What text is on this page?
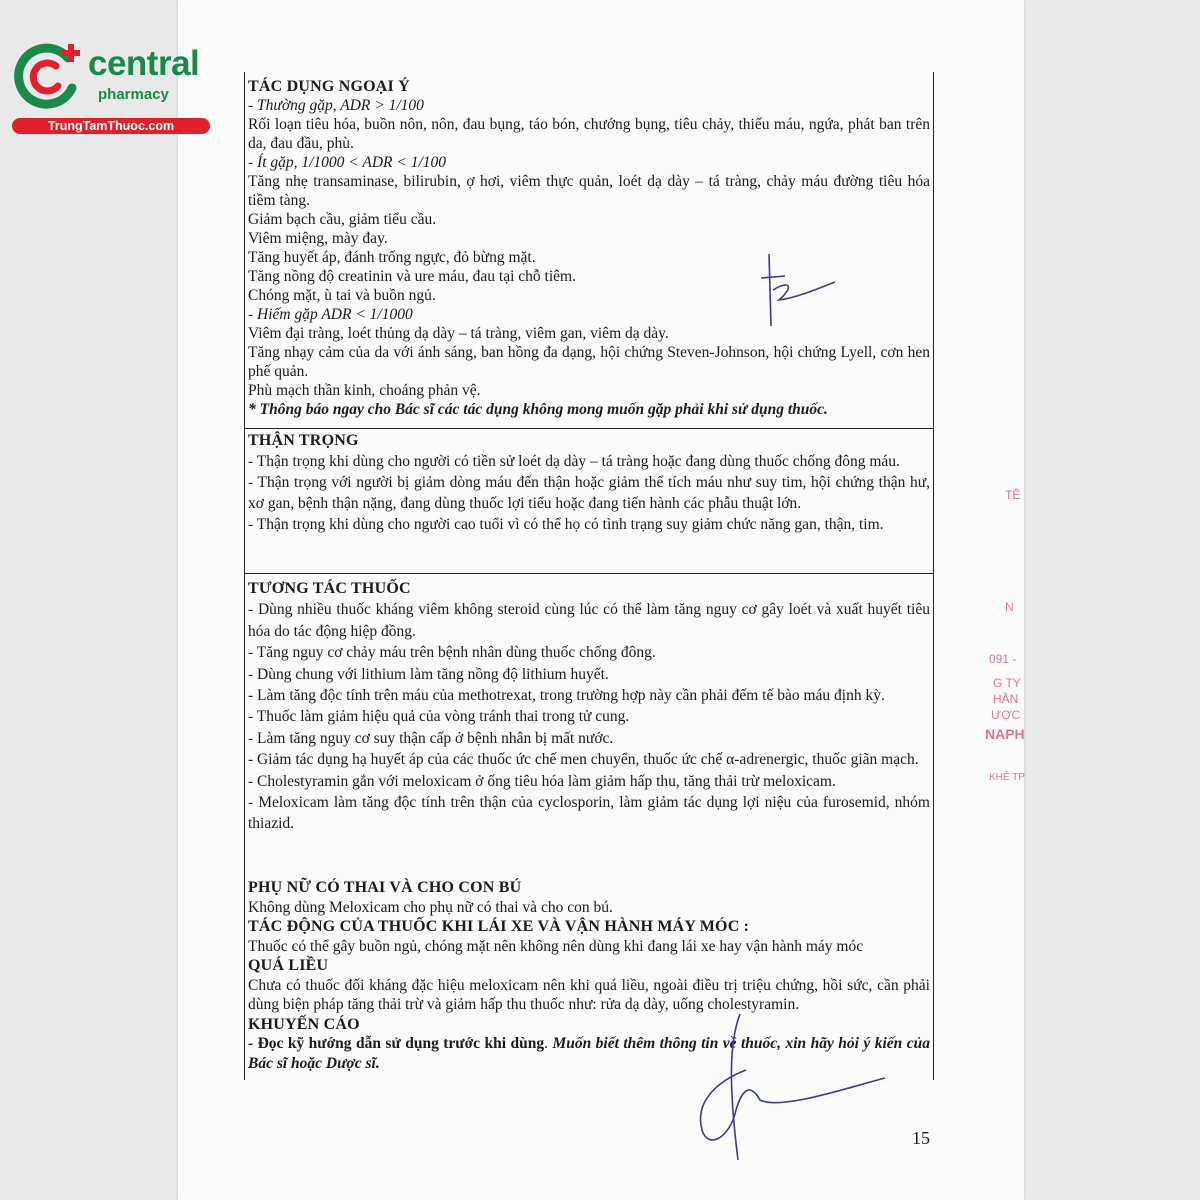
central
pharmacy
TrungTamThuoc.com

TÁC DỤNG NGOẠI Ý

- Thường gặp, ADR > 1/100

Rối loạn tiêu hóa, buồn nôn, nôn, đau bụng, táo bón, chướng bụng, tiêu chảy, thiếu máu, ngứa, phát ban trên da, đau đầu, phù.

- Ít gặp, 1/1000 < ADR < 1/100

Tăng nhẹ transaminase, bilirubin, ợ hơi, viêm thực quản, loét dạ dày – tá tràng, chảy máu đường tiêu hóa tiềm tàng.

Giảm bạch cầu, giảm tiểu cầu.

Viêm miệng, mày đay.

Tăng huyết áp, đánh trống ngực, đỏ bừng mặt.

Tăng nồng độ creatinin và ure máu, đau tại chỗ tiêm.

Chóng mặt, ù tai và buồn ngủ.

- Hiếm gặp ADR < 1/1000

Viêm đại tràng, loét thủng dạ dày – tá tràng, viêm gan, viêm dạ dày.

Tăng nhạy cảm của da với ánh sáng, ban hồng đa dạng, hội chứng Steven-Johnson, hội chứng Lyell, cơn hen phế quản.

Phù mạch thần kinh, choáng phản vệ.

* Thông báo ngay cho Bác sĩ các tác dụng không mong muốn gặp phải khi sử dụng thuốc.

THẬN TRỌNG

- Thận trọng khi dùng cho người có tiền sử loét dạ dày – tá tràng hoặc đang dùng thuốc chống đông máu.

- Thận trọng với người bị giảm dòng máu đến thận hoặc giảm thể tích máu như suy tim, hội chứng thận hư, xơ gan, bệnh thận nặng, đang dùng thuốc lợi tiểu hoặc đang tiến hành các phẫu thuật lớn.

- Thận trọng khi dùng cho người cao tuổi vì có thể họ có tình trạng suy giảm chức năng gan, thận, tim.

TƯƠNG TÁC THUỐC

- Dùng nhiều thuốc kháng viêm không steroid cùng lúc có thể làm tăng nguy cơ gây loét và xuất huyết tiêu hóa do tác động hiệp đồng.

- Tăng nguy cơ chảy máu trên bệnh nhân dùng thuốc chống đông.

- Dùng chung với lithium làm tăng nồng độ lithium huyết.

- Làm tăng độc tính trên máu của methotrexat, trong trường hợp này cần phải đếm tế bào máu định kỳ.

- Thuốc làm giảm hiệu quả của vòng tránh thai trong tử cung.

- Làm tăng nguy cơ suy thận cấp ở bệnh nhân bị mất nước.

- Giảm tác dụng hạ huyết áp của các thuốc ức chế men chuyển, thuốc ức chế α-adrenergic, thuốc giãn mạch.

- Cholestyramin gắn với meloxicam ở ống tiêu hóa làm giảm hấp thu, tăng thải trừ meloxicam.

- Meloxicam làm tăng độc tính trên thận của cyclosporin, làm giảm tác dụng lợi niệu của furosemid, nhóm thiazid.

PHỤ NỮ CÓ THAI VÀ CHO CON BÚ

Không dùng Meloxicam cho phụ nữ có thai và cho con bú.

TÁC ĐỘNG CỦA THUỐC KHI LÁI XE VÀ VẬN HÀNH MÁY MÓC :

Thuốc có thể gây buồn ngủ, chóng mặt nên không nên dùng khi đang lái xe hay vận hành máy móc

QUÁ LIỀU

Chưa có thuốc đối kháng đặc hiệu meloxicam nên khi quá liều, ngoài điều trị triệu chứng, hồi sức, cần phải dùng biện pháp tăng thải trừ và giảm hấp thu thuốc như: rửa dạ dày, uống cholestyramin.

KHUYẾN CÁO

- Đọc kỹ hướng dẫn sử dụng trước khi dùng. Muốn biết thêm thông tin về thuốc, xin hãy hỏi ý kiến của Bác sĩ hoặc Dược sĩ.

TÊ
N
091 -
G TY
HẦN
ƯỢC
NAPH
KHÊ TP
15
